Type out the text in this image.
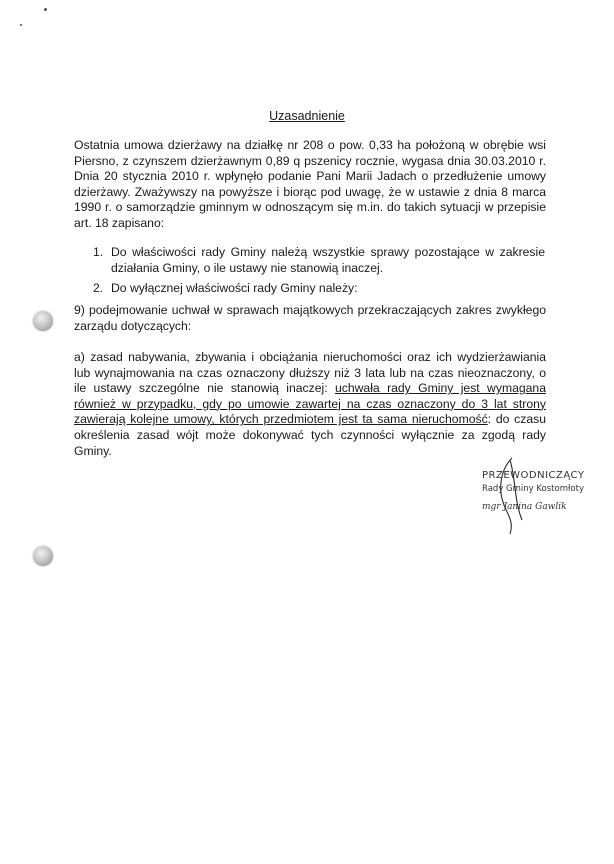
Uzasadnienie

Ostatnia umowa dzierżawy na działkę nr 208 o pow. 0,33 ha położoną w obrębie wsi Piersno, z czynszem dzierżawnym 0,89 q pszenicy rocznie, wygasa dnia 30.03.2010 r. Dnia 20 stycznia 2010 r. wpłynęło podanie Pani Marii Jadach o przedłużenie umowy dzierżawy. Zważywszy na powyższe i biorąc pod uwagę, że w ustawie z dnia 8 marca 1990 r. o samorządzie gminnym w odnoszącym się m.in. do takich sytuacji w przepisie art. 18 zapisano:

1. Do właściwości rady Gminy należą wszystkie sprawy pozostające w zakresie działania Gminy, o ile ustawy nie stanowią inaczej.
2. Do wyłącznej właściwości rady Gminy należy:

9) podejmowanie uchwał w sprawach majątkowych przekraczających zakres zwykłego zarządu dotyczących:

a) zasad nabywania, zbywania i obciążania nieruchomości oraz ich wydzierżawiania lub wynajmowania na czas oznaczony dłuższy niż 3 lata lub na czas nieoznaczony, o ile ustawy szczególne nie stanowią inaczej: uchwała rady Gminy jest wymagana również w przypadku, gdy po umowie zawartej na czas oznaczony do 3 lat strony zawierają kolejne umowy, których przedmiotem jest ta sama nieruchomość: do czasu określenia zasad wójt może dokonywać tych czynności wyłącznie za zgodą rady Gminy.

PRZEWODNICZĄCY
Rady Gminy Kostomłoty
mgr Janina Gawlik
